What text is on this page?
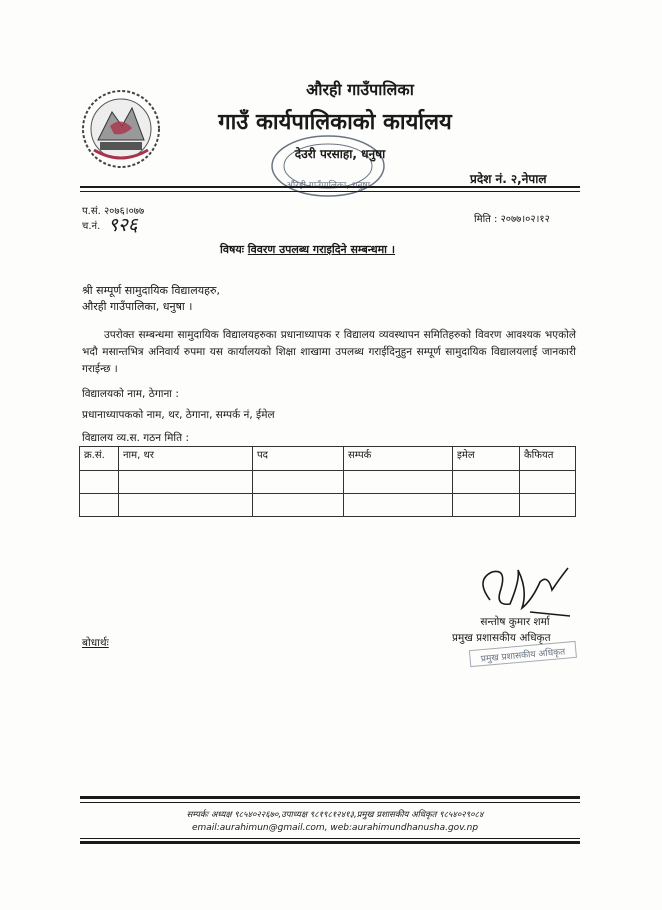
औरही गाउँपालिका
गाउँ कार्यपालिकाको कार्यालय
देउरी परसाहा, धनुषा
प्रदेश नं. २,नेपाल
प.सं. २०७६।०७७
च.नं. ९२६	मिति : २०७७।०२।१२
विषयः विवरण उपलब्ध गराइदिने सम्बन्धमा ।
श्री सम्पूर्ण सामुदायिक विद्यालयहरु,
औरही गाउँपालिका, धनुषा ।
उपरोक्त सम्बन्धमा सामुदायिक विद्यालयहरुका प्रधानाध्यापक र विद्यालय व्यवस्थापन समितिहरुको विवरण आवश्यक भएकोले भदौ मसान्तभित्र अनिवार्य रुपमा यस कार्यालयको शिक्षा शाखामा उपलब्ध गराईदिनुहुन सम्पूर्ण सामुदायिक विद्यालयलाई जानकारी गराईन्छ ।
विद्यालयको नाम, ठेगाना :
प्रधानाध्यापकको नाम, थर, ठेगाना, सम्पर्क नं, ईमेल
विद्यालय व्य.स. गठन मिति :
क्र.सं.	नाम, थर	पद	सम्पर्क	इमेल	कैफियत

सन्तोष कुमार शर्मा
प्रमुख प्रशासकीय अधिकृत
प्रमुख प्रशासकीय अधिकृत
बोधार्थः
सम्पर्कः अध्यक्ष ९८५४०२२६७०,उपाध्यक्ष ९८१९८१२४१३,प्रमुख प्रशासकीय अधिकृत ९८५४०२९०८४
email:aurahimun@gmail.com, web:aurahimundhanusha.gov.np
